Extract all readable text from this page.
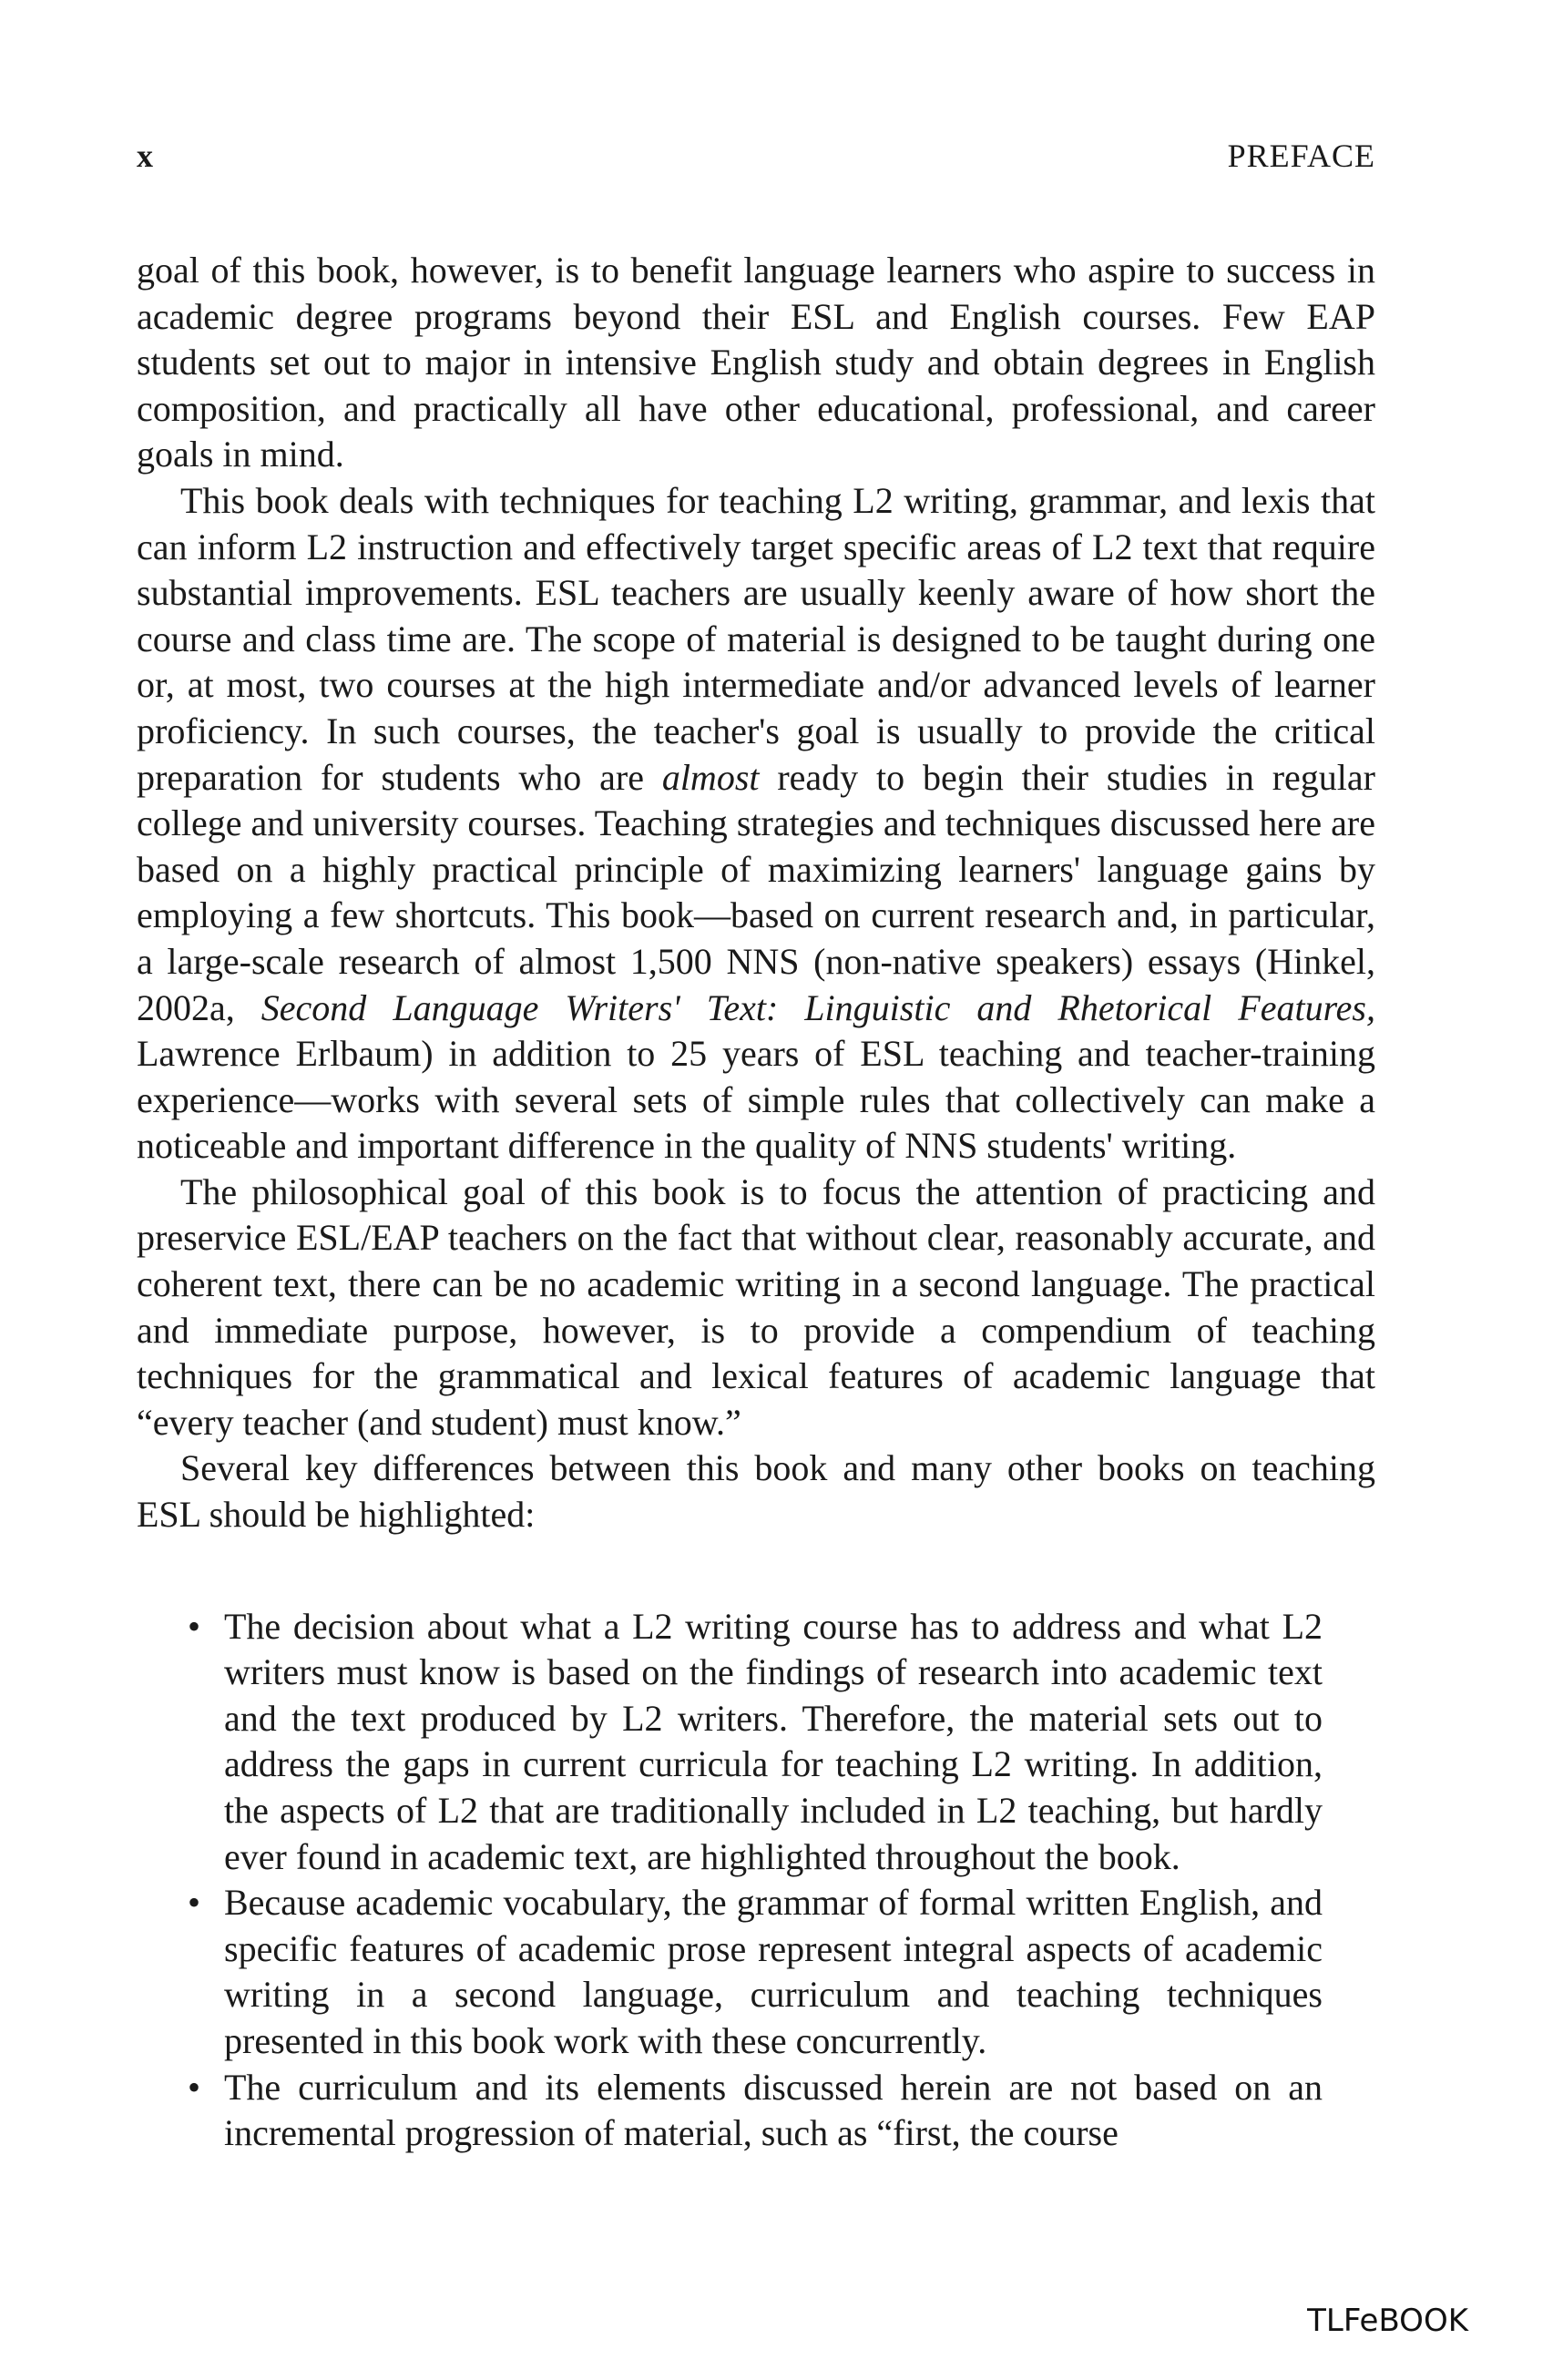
x	PREFACE

goal of this book, however, is to benefit language learners who aspire to success in academic degree programs beyond their ESL and English courses. Few EAP students set out to major in intensive English study and obtain degrees in English composition, and practically all have other educational, professional, and career goals in mind.

This book deals with techniques for teaching L2 writing, grammar, and lexis that can inform L2 instruction and effectively target specific areas of L2 text that require substantial improvements. ESL teachers are usually keenly aware of how short the course and class time are. The scope of material is designed to be taught during one or, at most, two courses at the high intermediate and/or advanced levels of learner proficiency. In such courses, the teacher's goal is usually to provide the critical preparation for students who are almost ready to begin their studies in regular college and university courses. Teaching strategies and techniques discussed here are based on a highly practical principle of maximizing learners' language gains by employing a few shortcuts. This book—based on current research and, in particular, a large-scale research of almost 1,500 NNS (non-native speakers) essays (Hinkel, 2002a, Second Language Writers' Text: Linguistic and Rhetorical Features, Lawrence Erlbaum) in addition to 25 years of ESL teaching and teacher-training experience—works with several sets of simple rules that collectively can make a noticeable and important difference in the quality of NNS students' writing.

The philosophical goal of this book is to focus the attention of practicing and preservice ESL/EAP teachers on the fact that without clear, reasonably accurate, and coherent text, there can be no academic writing in a second language. The practical and immediate purpose, however, is to provide a compendium of teaching techniques for the grammatical and lexical features of academic language that “every teacher (and student) must know.”

Several key differences between this book and many other books on teaching ESL should be highlighted:

• The decision about what a L2 writing course has to address and what L2 writers must know is based on the findings of research into academic text and the text produced by L2 writers. Therefore, the material sets out to address the gaps in current curricula for teaching L2 writing. In addition, the aspects of L2 that are traditionally included in L2 teaching, but hardly ever found in academic text, are highlighted throughout the book.
• Because academic vocabulary, the grammar of formal written English, and specific features of academic prose represent integral aspects of academic writing in a second language, curriculum and teaching techniques presented in this book work with these concurrently.
• The curriculum and its elements discussed herein are not based on an incremental progression of material, such as “first, the course
TLFeBOOK
